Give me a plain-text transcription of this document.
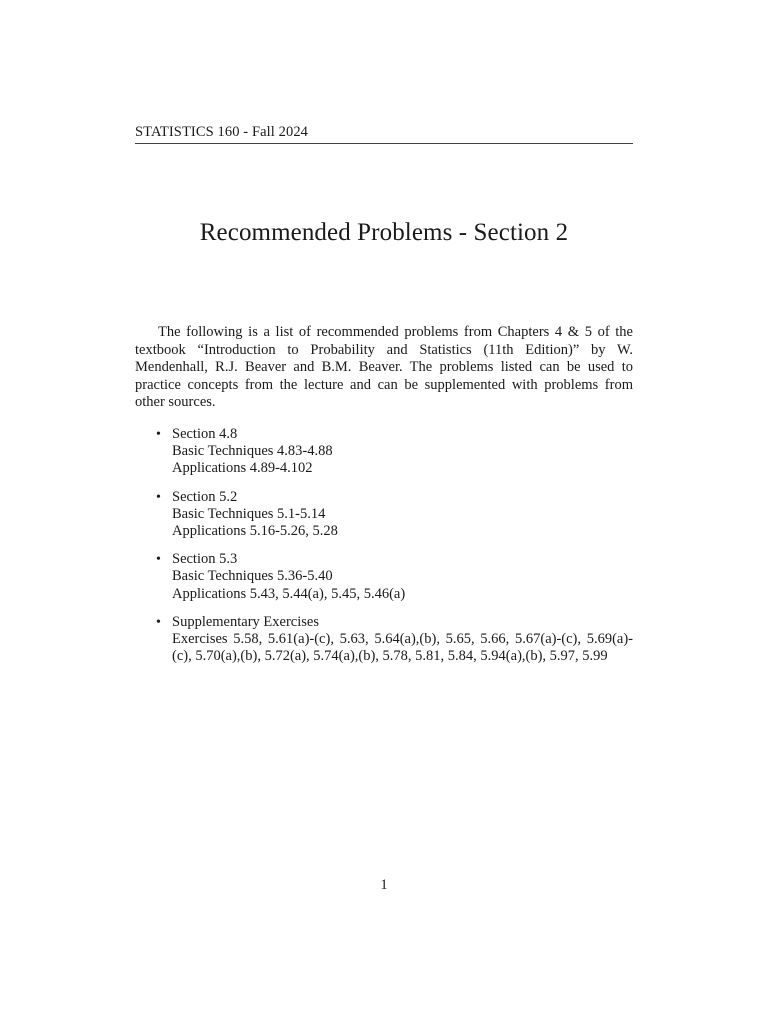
STATISTICS 160 - Fall 2024
Recommended Problems - Section 2

The following is a list of recommended problems from Chapters 4 & 5 of the textbook “Introduction to Probability and Statistics (11th Edition)” by W. Mendenhall, R.J. Beaver and B.M. Beaver. The problems listed can be used to practice concepts from the lecture and can be supplemented with problems from other sources.

• Section 4.8
Basic Techniques 4.83-4.88
Applications 4.89-4.102
• Section 5.2
Basic Techniques 5.1-5.14
Applications 5.16-5.26, 5.28
• Section 5.3
Basic Techniques 5.36-5.40
Applications 5.43, 5.44(a), 5.45, 5.46(a)
• Supplementary Exercises
Exercises 5.58, 5.61(a)-(c), 5.63, 5.64(a),(b), 5.65, 5.66, 5.67(a)-(c), 5.69(a)-(c), 5.70(a),(b), 5.72(a), 5.74(a),(b), 5.78, 5.81, 5.84, 5.94(a),(b), 5.97, 5.99
1
